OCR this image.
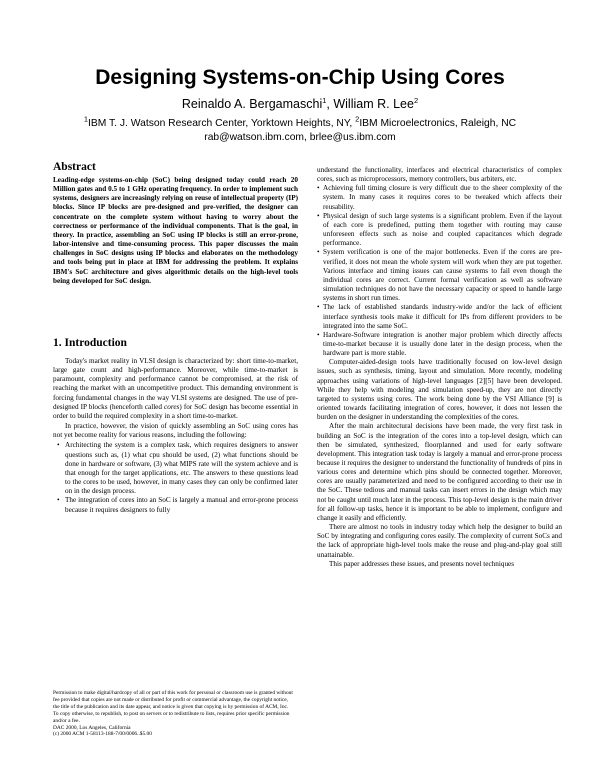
Designing Systems-on-Chip Using Cores
Reinaldo A. Bergamaschi$^1$, William R. Lee$^2$
$^1$IBM T. J. Watson Research Center, Yorktown Heights, NY, $^2$IBM Microelectronics, Raleigh, NC
rab@watson.ibm.com, brlee@us.ibm.com
Abstract
Leading-edge systems-on-chip (SoC) being designed today could reach 20 Million gates and 0.5 to 1 GHz operating frequency. In order to implement such systems, designers are increasingly relying on reuse of intellectual property (IP) blocks. Since IP blocks are pre-designed and pre-verified, the designer can concentrate on the complete system without having to worry about the correctness or performance of the individual components. That is the goal, in theory. In practice, assembling an SoC using IP blocks is still an error-prone, labor-intensive and time-consuming process. This paper discusses the main challenges in SoC designs using IP blocks and elaborates on the methodology and tools being put in place at IBM for addressing the problem. It explains IBM's SoC architecture and gives algorithmic details on the high-level tools being developed for SoC design.
1. Introduction

Today's market reality in VLSI design is characterized by: short time-to-market, large gate count and high-performance. Moreover, while time-to-market is paramount, complexity and performance cannot be compromised, at the risk of reaching the market with an uncompetitive product. This demanding environment is forcing fundamental changes in the way VLSI systems are designed. The use of pre-designed IP blocks (henceforth called cores) for SoC design has become essential in order to build the required complexity in a short time-to-market.

In practice, however, the vision of quickly assembling an SoC using cores has not yet become reality for various reasons, including the following:

• Architecting the system is a complex task, which requires designers to answer questions such as, (1) what cpu should be used, (2) what functions should be done in hardware or software, (3) what MIPS rate will the system achieve and is that enough for the target applications, etc. The answers to these questions lead to the cores to be used, however, in many cases they can only be confirmed later on in the design process.
• The integration of cores into an SoC is largely a manual and error-prone process because it requires designers to fully

understand the functionality, interfaces and electrical characteristics of complex cores, such as microprocessors, memory controllers, bus arbiters, etc.

• Achieving full timing closure is very difficult due to the sheer complexity of the system. In many cases it requires cores to be tweaked which affects their reusability.
• Physical design of such large systems is a significant problem. Even if the layout of each core is predefined, putting them together with routing may cause unforeseen effects such as noise and coupled capacitances which degrade performance.
• System verification is one of the major bottlenecks. Even if the cores are pre-verified, it does not mean the whole system will work when they are put together. Various interface and timing issues can cause systems to fail even though the individual cores are correct. Current formal verification as well as software simulation techniques do not have the necessary capacity or speed to handle large systems in short run times.
• The lack of established standards industry-wide and/or the lack of efficient interface synthesis tools make it difficult for IPs from different providers to be integrated into the same SoC.
• Hardware-Software integration is another major problem which directly affects time-to-market because it is usually done later in the design process, when the hardware part is more stable.

Computer-aided-design tools have traditionally focused on low-level design issues, such as synthesis, timing, layout and simulation. More recently, modeling approaches using variations of high-level languages [2][5] have been developed. While they help with modeling and simulation speed-up, they are not directly targeted to systems using cores. The work being done by the VSI Alliance [9] is oriented towards facilitating integration of cores, however, it does not lessen the burden on the designer in understanding the complexities of the cores.

After the main architectural decisions have been made, the very first task in building an SoC is the integration of the cores into a top-level design, which can then be simulated, synthesized, floorplanned and used for early software development. This integration task today is largely a manual and error-prone process because it requires the designer to understand the functionality of hundreds of pins in various cores and determine which pins should be connected together. Moreover, cores are usually parameterized and need to be configured according to their use in the SoC. These tedious and manual tasks can insert errors in the design which may not be caught until much later in the process. This top-level design is the main driver for all follow-up tasks, hence it is important to be able to implement, configure and change it easily and efficiently.

There are almost no tools in industry today which help the designer to build an SoC by integrating and configuring cores easily. The complexity of current SoCs and the lack of appropriate high-level tools make the reuse and plug-and-play goal still unattainable.

This paper addresses these issues, and presents novel techniques

Permission to make digital/hardcopy of all or part of this work for personal or classroom use is granted without fee provided that copies are not made or distributed for profit or commercial advantage, the copyright notice, the title of the publication and its date appear, and notice is given that copying is by permission of ACM, Inc. To copy otherwise, to republish, to post on servers or to redistribute to lists, requires prior specific permission and/or a fee.
DAC 2000, Los Angeles, California
(c) 2000 ACM 1-58113-188-7/00/0006..$5.00
